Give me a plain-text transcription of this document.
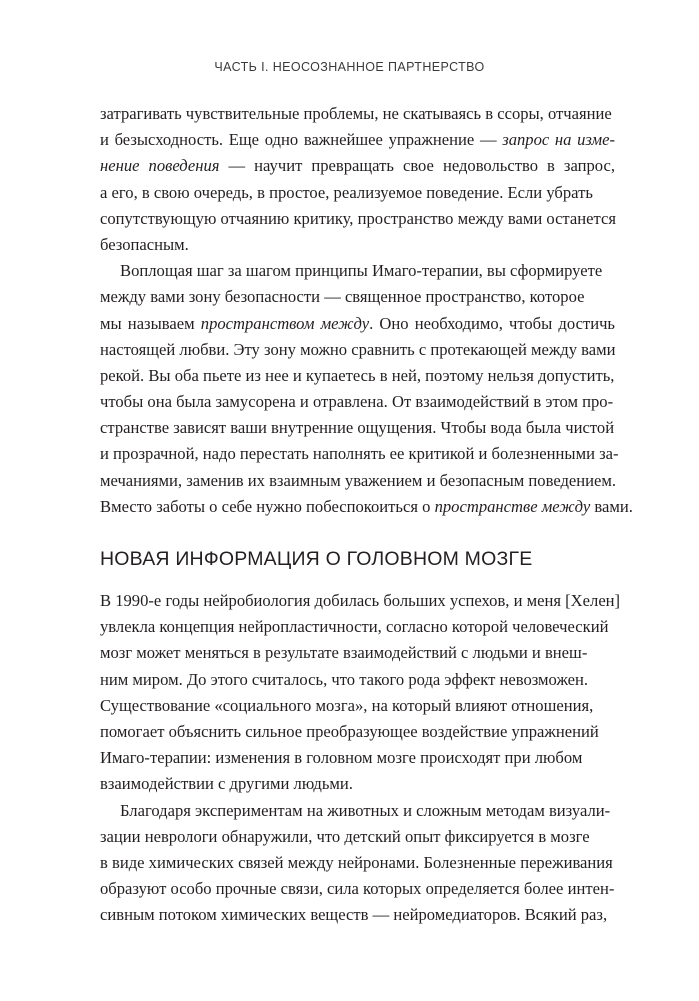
ЧАСТЬ I. НЕОСОЗНАННОЕ ПАРТНЕРСТВО
затрагивать чувствительные проблемы, не скатываясь в ссоры, отчаяние
и безысходность. Еще одно важнейшее упражнение — запрос на изме-
нение поведения — научит превращать свое недовольство в запрос,
а его, в свою очередь, в простое, реализуемое поведение. Если убрать
сопутствующую отчаянию критику, пространство между вами останется
безопасным.
Воплощая шаг за шагом принципы Имаго-терапии, вы сформируете
между вами зону безопасности — священное пространство, которое
мы называем пространством между . Оно необходимо, чтобы достичь
настоящей любви. Эту зону можно сравнить с протекающей между вами
рекой. Вы оба пьете из нее и купаетесь в ней, поэтому нельзя допустить,
чтобы она была замусорена и отравлена. От взаимодействий в этом про-
странстве зависят ваши внутренние ощущения. Чтобы вода была чистой
и прозрачной, надо перестать наполнять ее критикой и болезненными за-
мечаниями, заменив их взаимным уважением и безопасным поведением.
Вместо заботы о себе нужно побеспокоиться о пространстве между вами.
НОВАЯ ИНФОРМАЦИЯ О ГОЛОВНОМ МОЗГЕ
В 1990-е годы нейробиология добилась больших успехов, и меня [Хелен]
увлекла концепция нейропластичности, согласно которой человеческий
мозг может меняться в результате взаимодействий с людьми и внеш-
ним миром. До этого считалось, что такого рода эффект невозможен.
Существование «социального мозга», на который влияют отношения,
помогает объяснить сильное преобразующее воздействие упражнений
Имаго-терапии: изменения в головном мозге происходят при любом
взаимодействии с другими людьми.
Благодаря экспериментам на животных и сложным методам визуали-
зации неврологи обнаружили, что детский опыт фиксируется в мозге
в виде химических связей между нейронами. Болезненные переживания
образуют особо прочные связи, сила которых определяется более интен-
сивным потоком химических веществ — нейромедиаторов. Всякий раз,
